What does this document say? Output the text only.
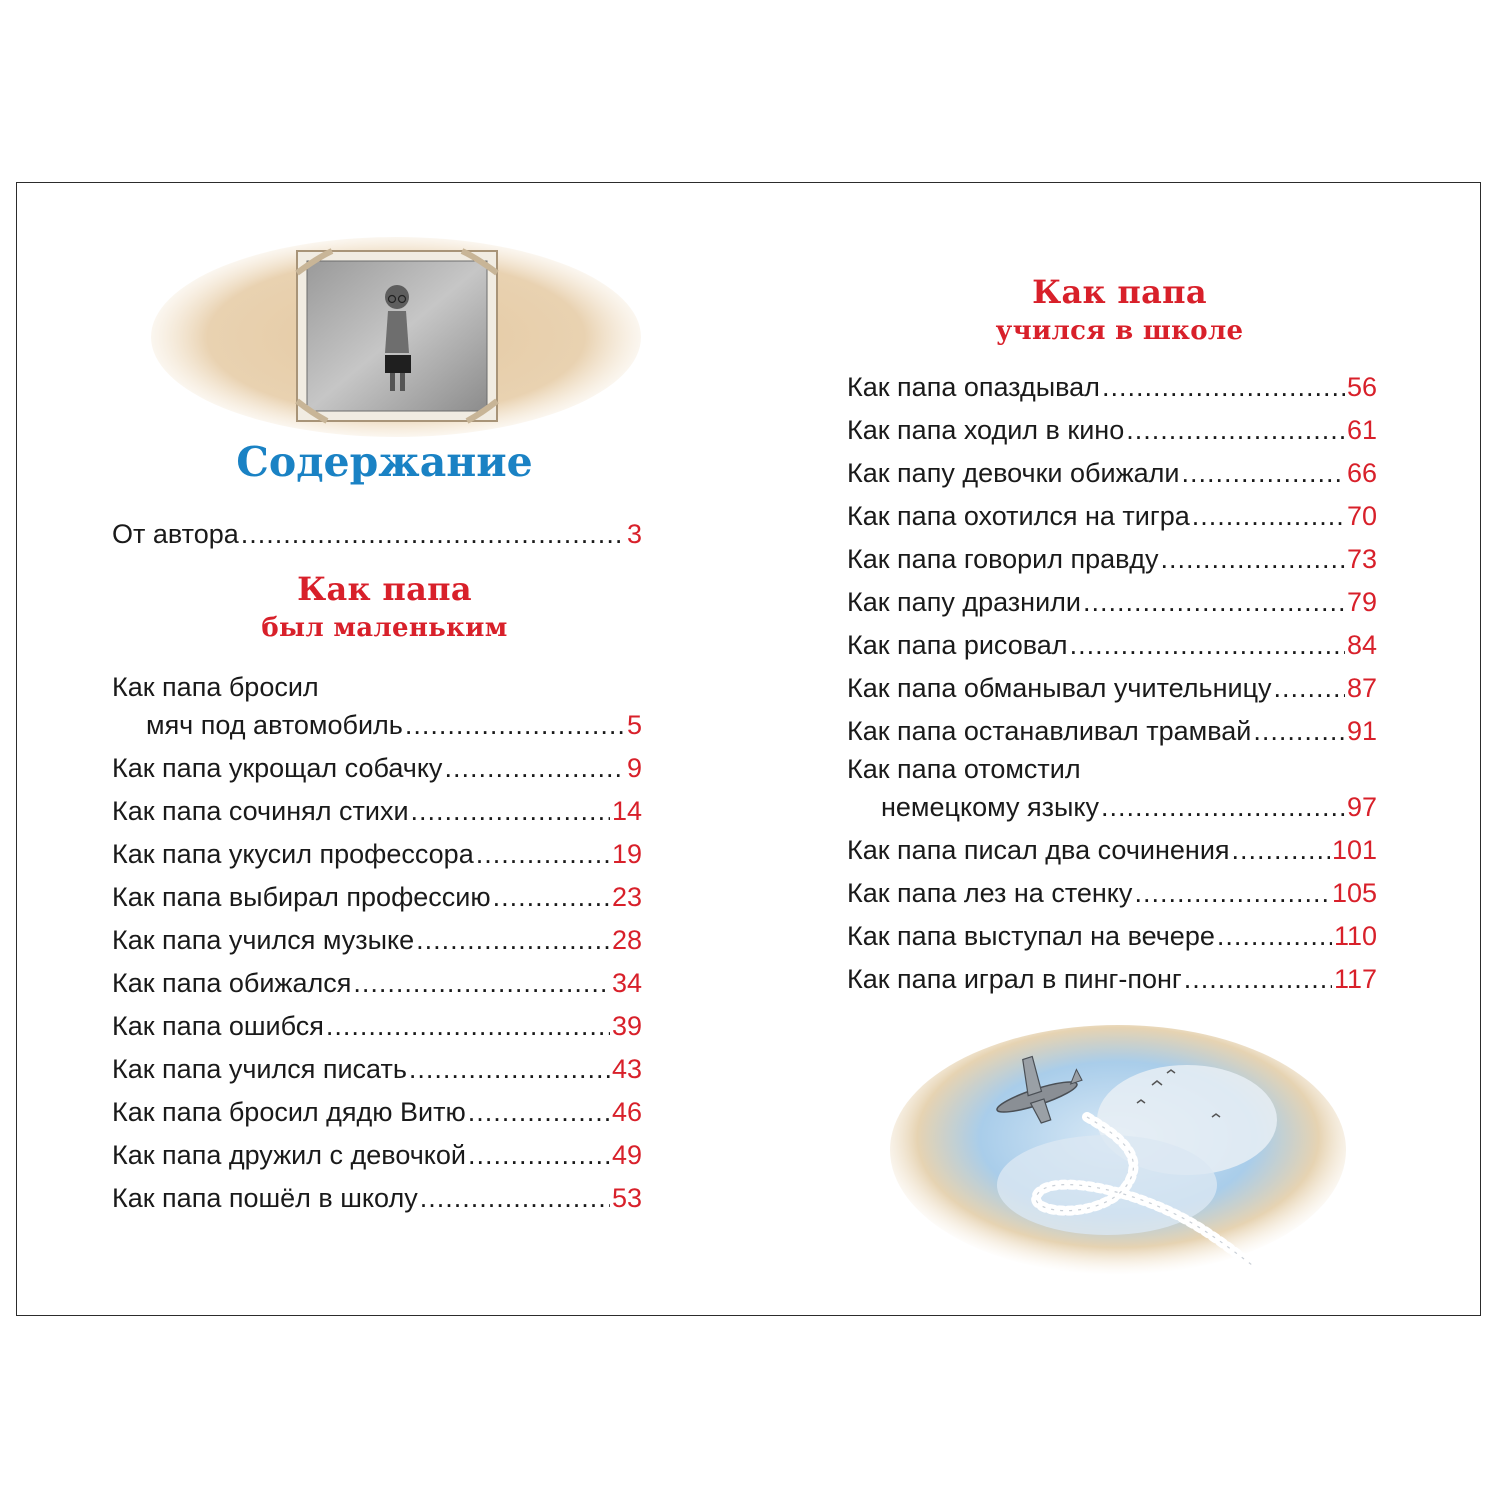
Содержание
От автора .....	3
Как папа
был маленьким
Как папа бросил
мяч под автомобиль .....	5
Как папа укрощал собачку .....	9
Как папа сочинял стихи .....	14
Как папа укусил профессора .....	19
Как папа выбирал профессию .....	23
Как папа учился музыке .....	28
Как папа обижался .....	34
Как папа ошибся .....	39
Как папа учился писать .....	43
Как папа бросил дядю Витю .....	46
Как папа дружил с девочкой .....	49
Как папа пошёл в школу .....	53
Как папа
учился в школе
Как папа опаздывал .....	56
Как папа ходил в кино .....	61
Как папу девочки обижали .....	66
Как папа охотился на тигра .....	70
Как папа говорил правду .....	73
Как папу дразнили .....	79
Как папа рисовал .....	84
Как папа обманывал учительницу .....	87
Как папа останавливал трамвай .....	91
Как папа отомстил
немецкому языку .....	97
Как папа писал два сочинения .....	101
Как папа лез на стенку .....	105
Как папа выступал на вечере .....	110
Как папа играл в пинг-понг .....	117
